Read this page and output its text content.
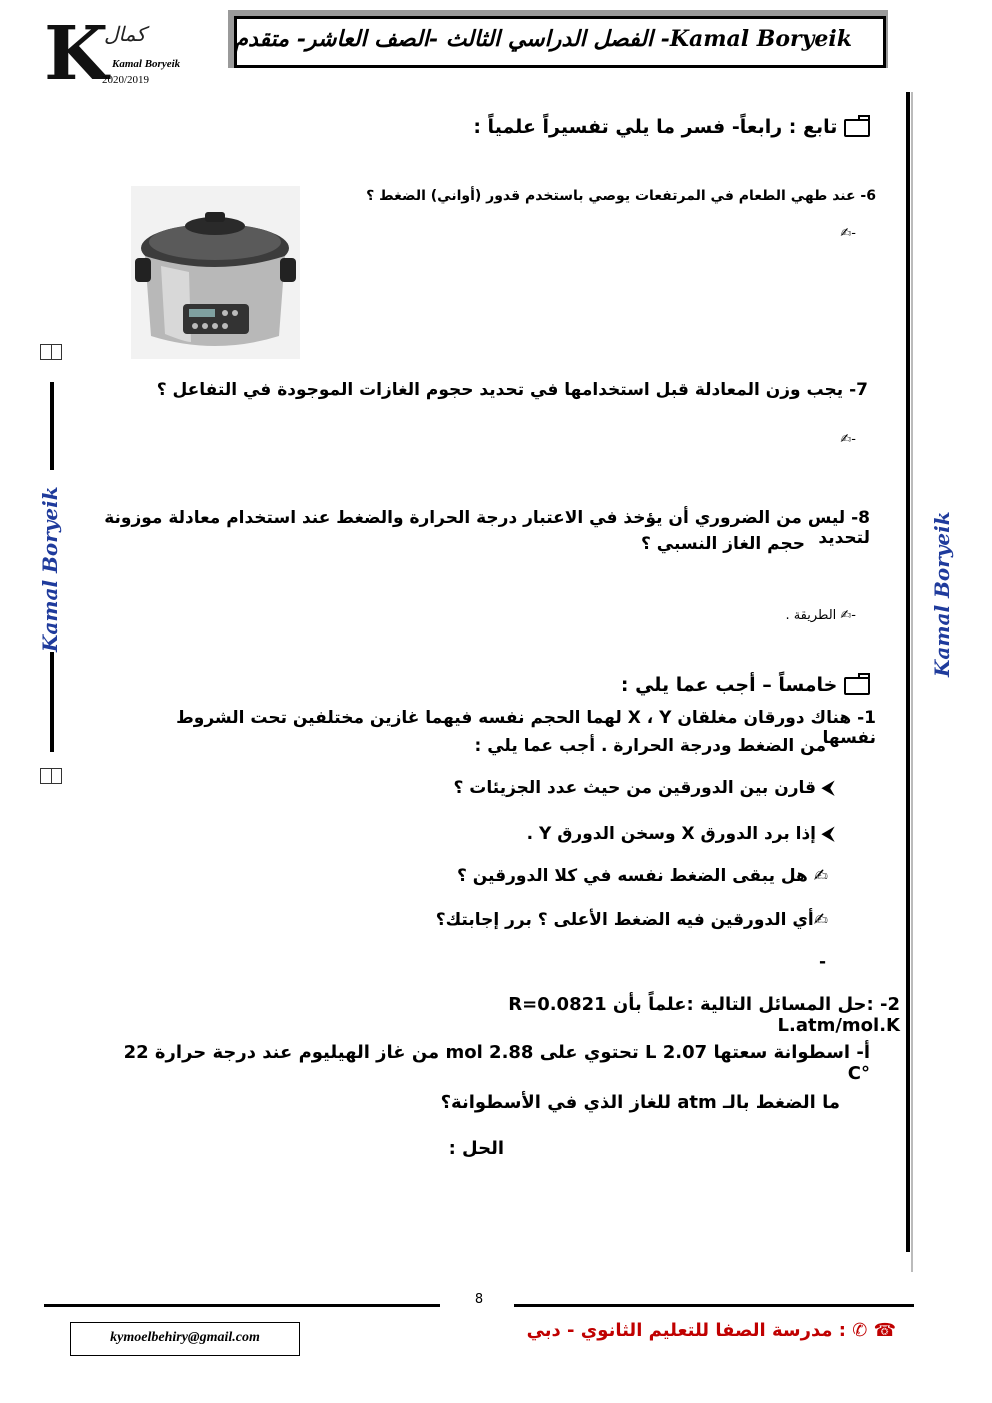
K
كمال
Kamal Boryeik
2020/2019
Kamal Boryeik- الفصل الدراسي الثالث -الصف العاشر- متقدم
Kamal Boryeik
Kamal Boryeik
تابع : رابعاً- فسر ما يلي تفسيراً علمياً :
6- عند طهي الطعام في المرتفعات يوصي باستخدم قدور (أواني) الضغط ؟
-✍
7- يجب وزن المعادلة قبل استخدامها في تحديد حجوم الغازات الموجودة في التفاعل ؟
-✍
8- ليس من الضروري أن يؤخذ في الاعتبار درجة الحرارة والضغط عند استخدام معادلة موزونة لتحديد
حجم الغاز النسبي ؟
-✍ الطريقة .
خامساً – أجب عما يلي :
1- هناك دورقان مغلقان X ، Y لهما الحجم نفسه فيهما غازين مختلفين تحت الشروط نفسها
من الضغط ودرجة الحرارة . أجب عما يلي :
⮜ قارن بين الدورقين من حيث عدد الجزيئات ؟
⮜ إذا برد الدورق X وسخن الدورق Y .
✍ هل يبقى الضغط نفسه في كلا الدورقين ؟
✍أي الدورقين فيه الضغط الأعلى ؟ برر إجابتك؟
-
2- :حل المسائل التالية :علماً بأن R=0.0821 L.atm/mol.K
أ- اسطوانة سعتها 2.07 L تحتوي على 2.88 mol من غاز الهيليوم عند درجة حرارة 22 °C
ما الضغط بالـ atm للغاز الذي في الأسطوانة؟
الحل :
8
kymoelbehiry@gmail.com	☎ ✆ : مدرسة الصفا للتعليم الثانوي - دبي
